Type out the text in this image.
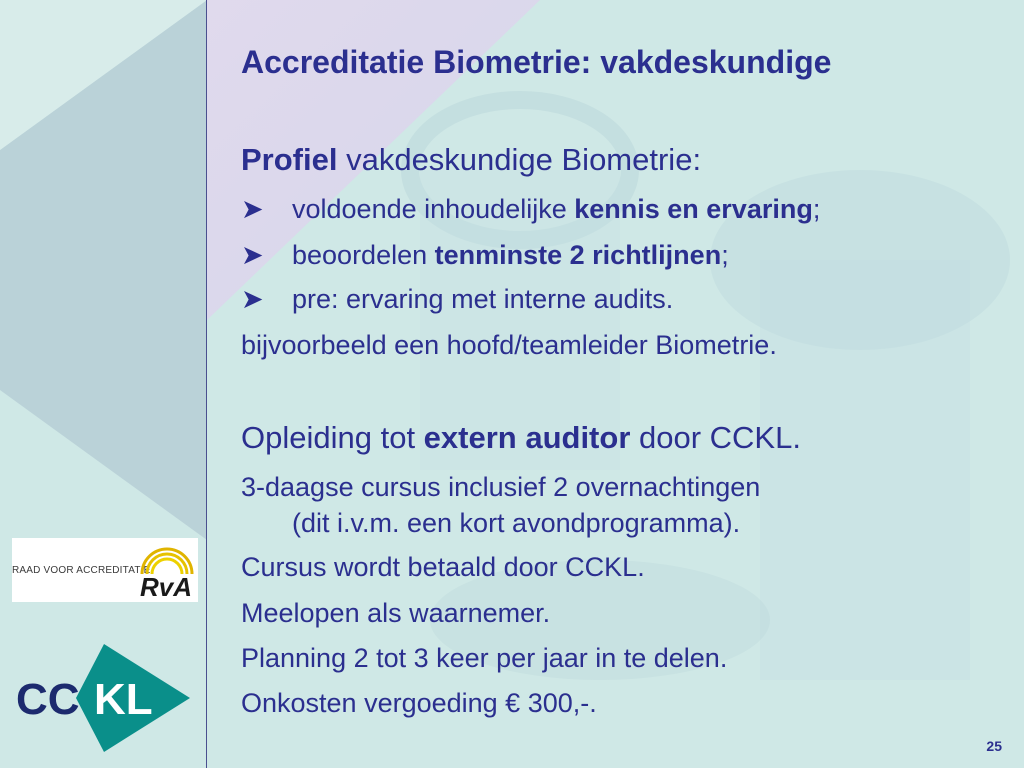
RAAD VOOR ACCREDITATIE
RvA
CC KL
Accreditatie Biometrie: vakdeskundige
Profiel vakdeskundige Biometrie:
➤ voldoende inhoudelijke kennis en ervaring;
➤ beoordelen tenminste 2 richtlijnen;
➤ pre: ervaring met interne audits.
bijvoorbeeld een hoofd/teamleider Biometrie.
Opleiding tot extern auditor door CCKL.
3-daagse cursus inclusief 2 overnachtingen
(dit i.v.m. een kort avondprogramma).
Cursus wordt betaald door CCKL.
Meelopen als waarnemer.
Planning 2 tot 3 keer per jaar in te delen.
Onkosten vergoeding € 300,-.
25
